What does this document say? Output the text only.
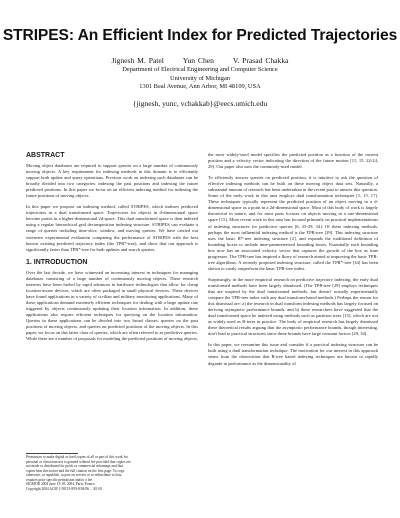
STRIPES: An Efficient Index for Predicted Trajectories
Jignesh M. Patel Yun Chen V. Prasad Chakka
Department of Electrical Engineering and Computer Science
University of Michigan
1301 Beal Avenue, Ann Arbor, MI 48109, USA
{jignesh, yunc, vchakkab}@eecs.umich.edu
ABSTRACT

Moving object databases are required to support queries on a large number of continuously moving objects. A key requirement for indexing methods in this domain is to efficiently support both update and query operations. Previous work on indexing such databases can be broadly divided into two categories: indexing the past positions and indexing the future predicted positions. In this paper we focus on an efficient indexing method for indexing the future positions of moving objects.

In this paper we propose an indexing method, called STRIPES, which indexes predicted trajectories in a dual transformed space. Trajectories for objects in d-dimensional space become points in a higher-dimensional 2d-space. This dual transformed space is then indexed using a regular hierarchical grid decomposition indexing structure. STRIPES can evaluate a range of queries including time-slice, window, and moving queries. We have carried out extensive experimental evaluation comparing the performance of STRIPES with the best known existing predicted trajectory index (the TPR*-tree), and show that our approach is significantly faster than TPR*-tree for both updates and search queries.

1. INTRODUCTION

Over the last decade, we have witnessed an increasing interest in techniques for managing databases consisting of a large number of continuously moving objects. These research interests have been fueled by rapid advances in hardware technologies that allow for cheap location-aware devices, which are often packaged in small physical devices. These devices have found applications in a variety of civilian and military monitoring applications. Many of these applications demand extremely efficient techniques for dealing with a large update rate triggered by objects continuously updating their location information. In addition, these applications also require efficient techniques for querying on the location information. Queries in these applications can be divided into two broad classes: queries on the past positions of moving objects, and queries on predicted positions of the moving objects. In this paper, we focus on this latter class of queries, which are often referred to as predictive queries. While there are a number of proposals for modeling the predicted positions of moving objects,

the most widely-used model specifies the predicted position as a function of the current position and a velocity vector indicating the direction of the future motion [11, 15, 22-24, 29]. Our paper also uses the commonly-used model.

To efficiently answer queries on predicted position, it is intuitive to ask the question of effective indexing methods can be built on these moving object data sets. Naturally, a substantial amount of research has been undertaken in the recent past to answer this question. Some of the early work in this area employs dual transformation techniques [1, 15, 17]. These techniques typically represent the predicted position of an object moving in a d-dimensional space as a point in a 2d-dimensional space. Most of this body of work is largely theoretical in nature, and for most parts focuses on objects moving in a one-dimensional space [15]. More recent work in this area has focused primarily on practical implementations of indexing structures for predictive queries [6, 25-29, 34]. Of these indexing methods, perhaps the most influential indexing method is the TPR-tree [29]. This indexing structure uses the basic R*-tree indexing structure [2], and expands the traditional definition of bounding boxes to include time-parameterized bounding boxes. Essentially each bounding box now has an associated velocity vector that captures the growth of the box as time progresses. The TPR-tree has inspired a flurry of research aimed at improving the basic TPR-tree algorithms. A recently proposed indexing structure, called the TPR*-tree [34] has been shown to vastly outperform the basic TPR-tree index.

Surprisingly, in the more empirical research on predictive trajectory indexing, the early dual transformed methods have been largely dismissed. (The TPR-tree [29] employs techniques that are inspired by the dual transformed methods, but doesn't actually experimentally compare the TPR-tree index with any dual transform-based methods.) Perhaps the reason for this dismissal are: a) the research in dual transform indexing methods has largely focused on deriving asymptotic performance bounds, and b) these researchers have suggested that the dual transformed space be indexed using methods such as partition trees [15], which are not as widely used as R-trees in practice. The body of empirical research has largely dismissed these theoretical results arguing that the asymptotic performance bounds, though interesting, don't lead to practical structures since these bounds have large constant factors [29, 34].

In this paper, we reexamine this issue and consider if a practical indexing structure can be built using a dual transformation technique. The motivation for our interest in this approach stems from the observation that R-tree based indexing techniques are known to rapidly degrade in performance as the dimensionality of

Permission to make digital or hard copies of all or part of this work for
personal or classroom use is granted without fee provided that copies are
not made or distributed for profit or commercial advantage and that
copies bear this notice and the full citation on the first page. To copy
otherwise, or republish, to post on servers or to redistribute to lists,
requires prior specific permission and/or a fee.
SIGMOD 2004 June 13-18, 2004, Paris, France.
Copyright 2004 ACM 1-58113-859-8/04/06 ... $5.00.
